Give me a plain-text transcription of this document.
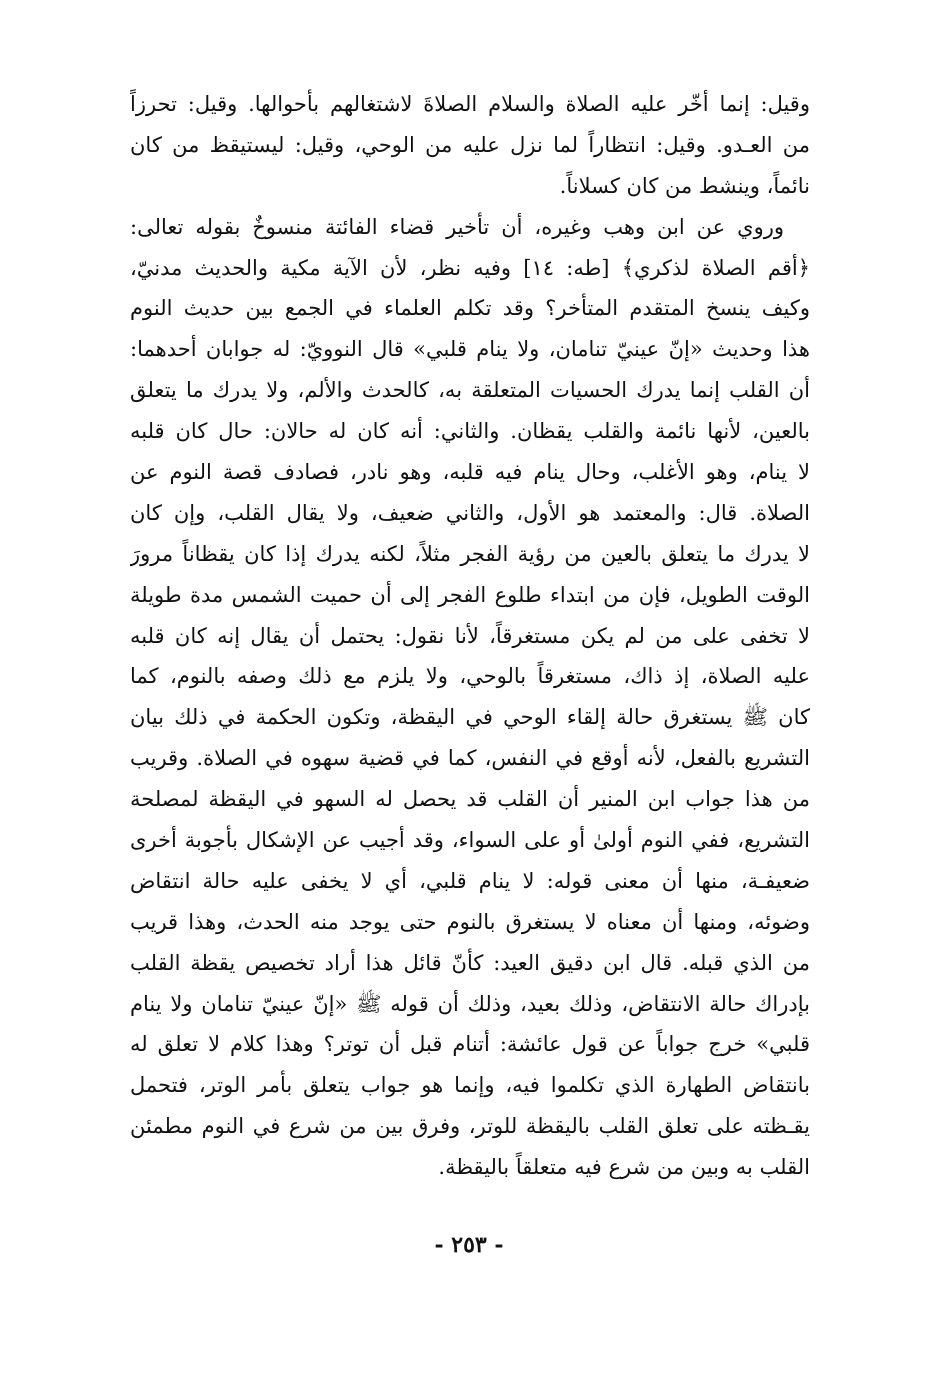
وقيل: إنما أخّر عليه الصلاة والسلام الصلاةَ لاشتغالهم بأحوالها. وقيل: تحرزاً
من العـدو. وقيل: انتظاراً لما نزل عليه من الوحي، وقيل: ليستيقظ من كان
نائماً، وينشط من كان كسلاناً.
وروي عن ابن وهب وغيره، أن تأخير قضاء الفائتة منسوخٌ بقوله تعالى:
﴿أقم الصلاة لذكري﴾ [طه: ١٤] وفيه نظر، لأن الآية مكية والحديث مدنيّ،
وكيف ينسخ المتقدم المتأخر؟ وقد تكلم العلماء في الجمع بين حديث النوم
هذا وحديث «إنّ عينيّ تنامان، ولا ينام قلبي» قال النوويّ: له جوابان أحدهما:
أن القلب إنما يدرك الحسيات المتعلقة به، كالحدث والألم، ولا يدرك ما يتعلق
بالعين، لأنها نائمة والقلب يقظان. والثاني: أنه كان له حالان: حال كان قلبه
لا ينام، وهو الأغلب، وحال ينام فيه قلبه، وهو نادر، فصادف قصة النوم عن
الصلاة. قال: والمعتمد هو الأول، والثاني ضعيف، ولا يقال القلب، وإن كان
لا يدرك ما يتعلق بالعين من رؤية الفجر مثلاً، لكنه يدرك إذا كان يقظاناً مرورَ
الوقت الطويل، فإن من ابتداء طلوع الفجر إلى أن حميت الشمس مدة طويلة
لا تخفى على من لم يكن مستغرقاً، لأنا نقول: يحتمل أن يقال إنه كان قلبه
عليه الصلاة، إذ ذاك، مستغرقاً بالوحي، ولا يلزم مع ذلك وصفه بالنوم، كما
كان ﷺ يستغرق حالة إلقاء الوحي في اليقظة، وتكون الحكمة في ذلك بيان
التشريع بالفعل، لأنه أوقع في النفس، كما في قضية سهوه في الصلاة. وقريب
من هذا جواب ابن المنير أن القلب قد يحصل له السهو في اليقظة لمصلحة
التشريع، ففي النوم أولىٰ أو على السواء، وقد أجيب عن الإشكال بأجوبة أخرى
ضعيفـة، منها أن معنى قوله: لا ينام قلبي، أي لا يخفى عليه حالة انتقاض
وضوئه، ومنها أن معناه لا يستغرق بالنوم حتى يوجد منه الحدث، وهذا قريب
من الذي قبله. قال ابن دقيق العيد: كأنّ قائل هذا أراد تخصيص يقظة القلب
بإدراك حالة الانتقاض، وذلك بعيد، وذلك أن قوله ﷺ «إنّ عينيّ تنامان ولا ينام
قلبي» خرج جواباً عن قول عائشة: أتنام قبل أن توتر؟ وهذا كلام لا تعلق له
بانتقاض الطهارة الذي تكلموا فيه، وإنما هو جواب يتعلق بأمر الوتر، فتحمل
يقـظته على تعلق القلب باليقظة للوتر، وفرق بين من شرع في النوم مطمئن
القلب به وبين من شرع فيه متعلقاً باليقظة.
- ٢٥٣ -
